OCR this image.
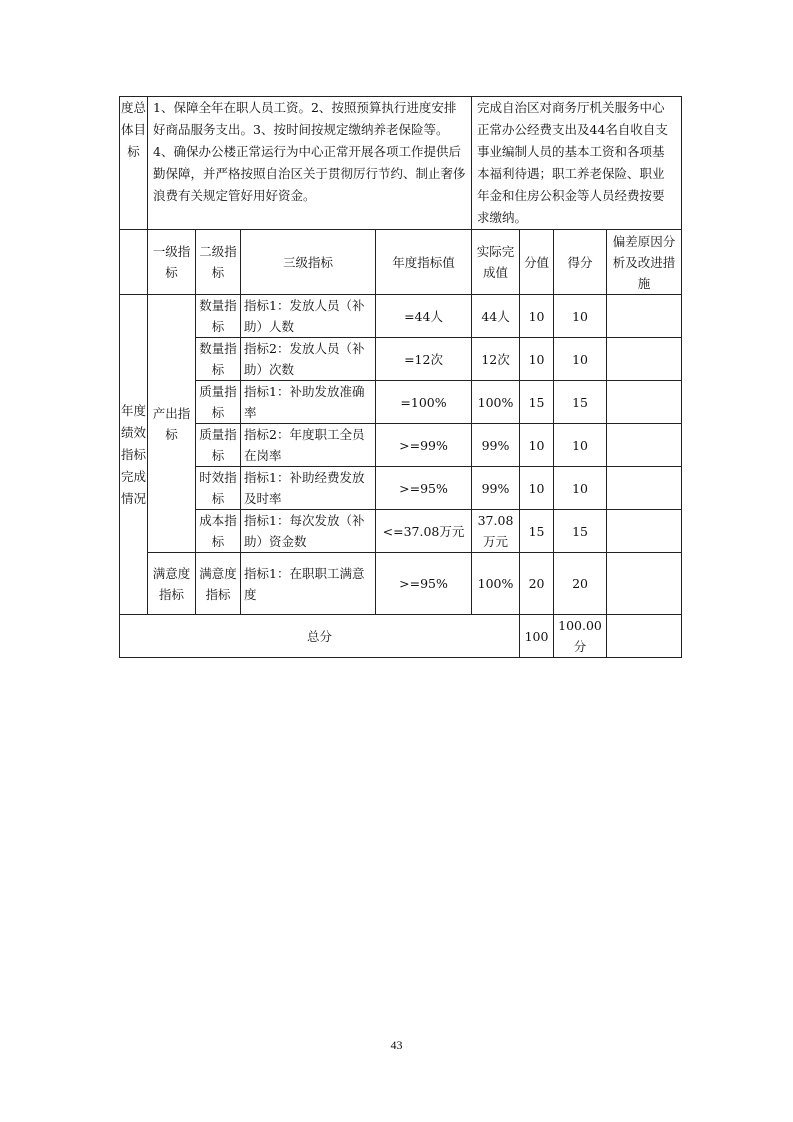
度总体目标	1、保障全年在职人员工资。2、按照预算执行进度安排好商品服务支出。3、按时间按规定缴纳养老保险等。4、确保办公楼正常运行为中心正常开展各项工作提供后勤保障，并严格按照自治区关于贯彻厉行节约、制止奢侈浪费有关规定管好用好资金。				完成自治区对商务厅机关服务中心正常办公经费支出及44名自收自支事业编制人员的基本工资和各项基本福利待遇；职工养老保险、职业年金和住房公积金等人员经费按要求缴纳。			
	一级指标	二级指标	三级指标	年度指标值	实际完成值	分值	得分	偏差原因分析及改进措施
年度绩效指标完成情况	产出指标	数量指标	指标1：发放人员（补助）人数	=44人	44人	10	10	
		数量指标	指标2：发放人员（补助）次数	=12次	12次	10	10	
		质量指标	指标1：补助发放准确率	=100%	100%	15	15	
		质量指标	指标2：年度职工全员在岗率	>=99%	99%	10	10	
		时效指标	指标1：补助经费发放及时率	>=95%	99%	10	10	
		成本指标	指标1：每次发放（补助）资金数	<=37.08万元	37.08万元	15	15	
	满意度指标	满意度指标	指标1：在职职工满意度	>=95%	100%	20	20	
总分						100	100.00分	
43
